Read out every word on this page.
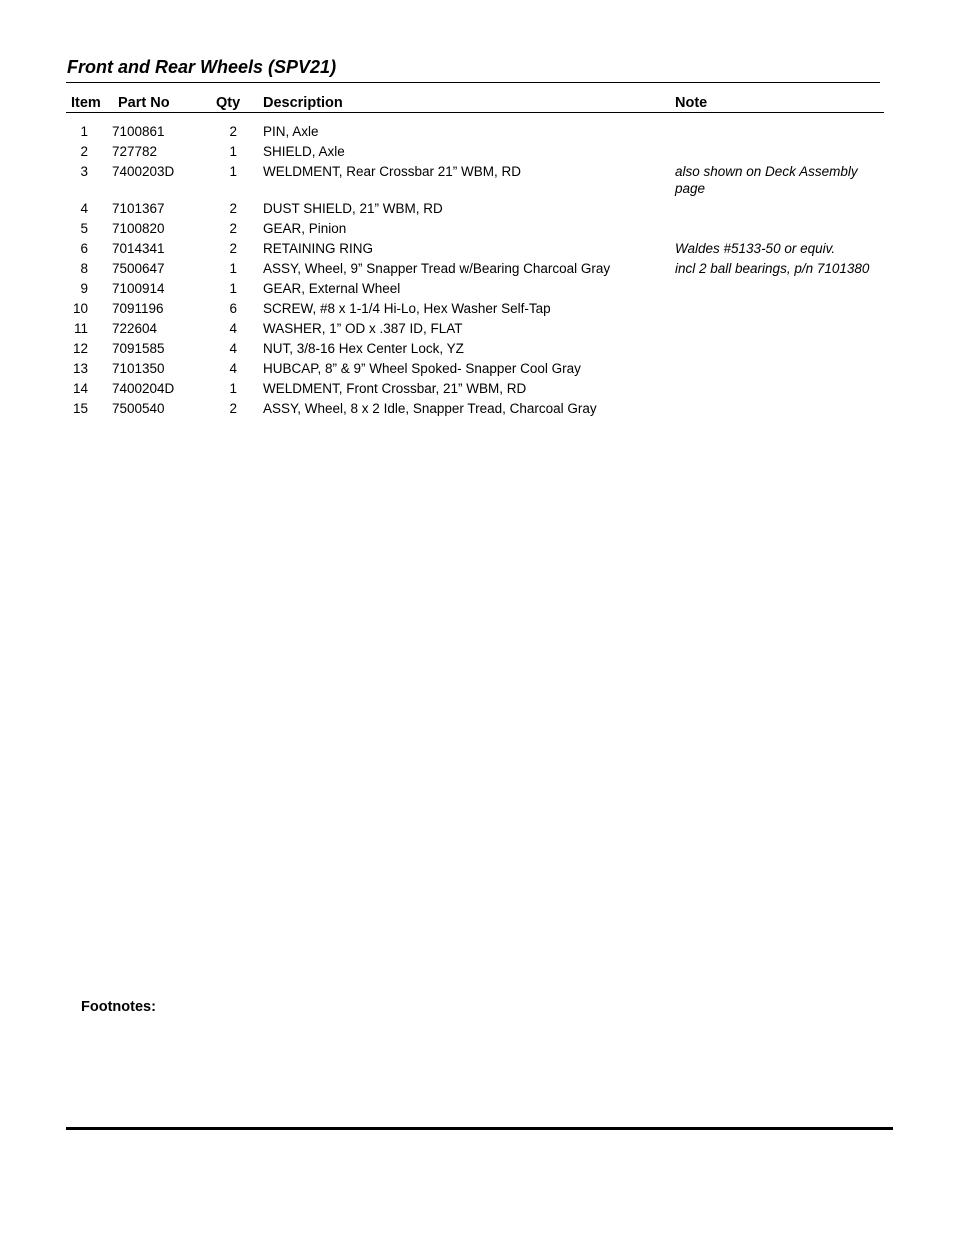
Front and Rear Wheels (SPV21)
Item	Part No	Qty	Description	Note
1	7100861	2	PIN, Axle	
2	727782	1	SHIELD, Axle	
3	7400203D	1	WELDMENT, Rear Crossbar 21” WBM, RD	also shown on Deck Assembly page
4	7101367	2	DUST SHIELD, 21” WBM, RD	
5	7100820	2	GEAR, Pinion	
6	7014341	2	RETAINING RING	Waldes #5133-50 or equiv.
8	7500647	1	ASSY, Wheel, 9” Snapper Tread w/Bearing Charcoal Gray	incl 2 ball bearings, p/n 7101380
9	7100914	1	GEAR, External Wheel	
10	7091196	6	SCREW, #8 x 1-1/4 Hi-Lo, Hex Washer Self-Tap	
11	722604	4	WASHER, 1” OD x .387 ID, FLAT	
12	7091585	4	NUT, 3/8-16 Hex Center Lock, YZ	
13	7101350	4	HUBCAP, 8” & 9” Wheel Spoked- Snapper Cool Gray	
14	7400204D	1	WELDMENT, Front Crossbar, 21” WBM, RD	
15	7500540	2	ASSY, Wheel, 8 x 2 Idle, Snapper Tread, Charcoal Gray	
Footnotes:
